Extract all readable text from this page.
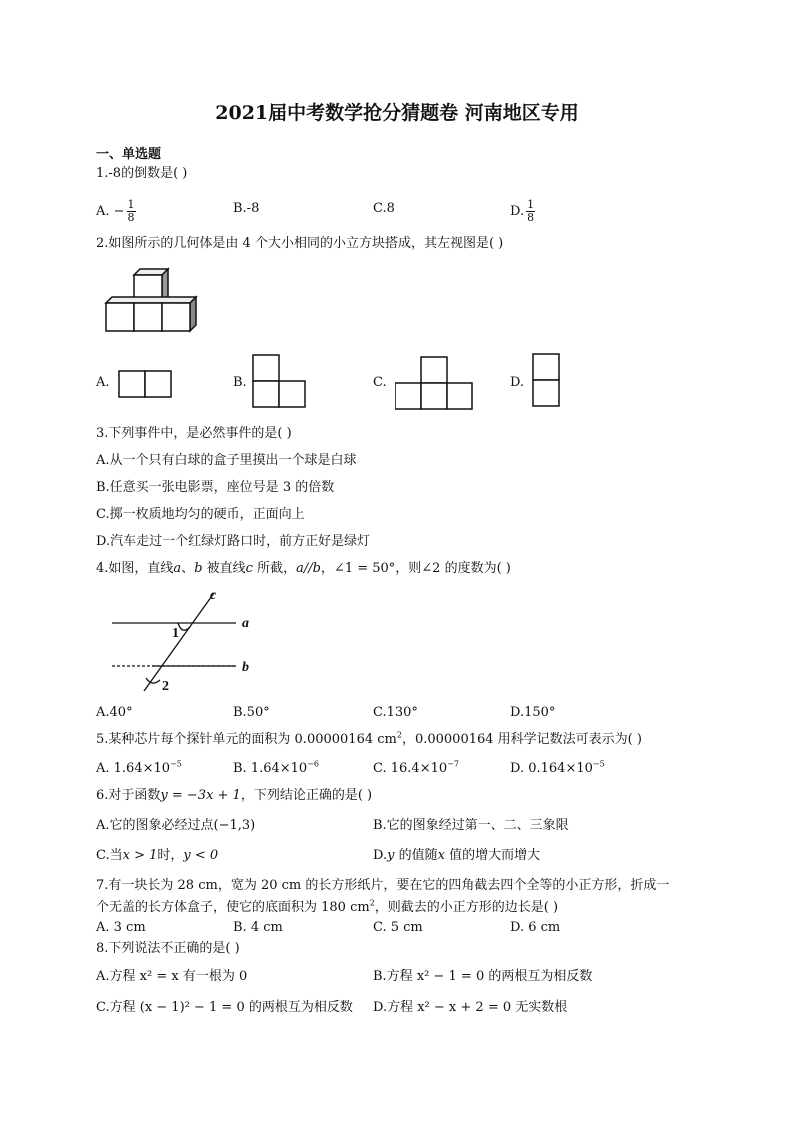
2021届中考数学抢分猜题卷 河南地区专用
一、单选题
1.-8的倒数是( )
A. − $\frac{1}{8}$	B.-8	C.8	D. $\frac{1}{8}$
2.如图所示的几何体是由 4 个大小相同的小立方块搭成，其左视图是( )
A.	B.	C.	D.
3.下列事件中，是必然事件的是( )
A.从一个只有白球的盒子里摸出一个球是白球
B.任意买一张电影票，座位号是 3 的倍数
C.掷一枚质地均匀的硬币，正面向上
D.汽车走过一个红绿灯路口时，前方正好是绿灯
4.如图，直线a、b 被直线c 所截，a//b，∠1 = 50°，则∠2 的度数为( )
c
a
b
1
2
A.40°	B.50°	C.130°	D.150°
5.某种芯片每个探针单元的面积为 0.00000164 $cm^2$，0.00000164 用科学记数法可表示为( )
A. $1.64\times 10^{-5}$	B. $1.64\times 10^{-6}$	C. $16.4\times 10^{-7}$	D. $0.164\times 10^{-5}$
6.对于函数y = −3x + 1，下列结论正确的是( )
A.它的图象必经过点(−1,3)	B.它的图象经过第一、二、三象限
C.当x > 1时，y < 0	D.y 的值随x 值的增大而增大
7.有一块长为 28 cm，宽为 20 cm 的长方形纸片，要在它的四角截去四个全等的小正方形，折成一
个无盖的长方体盒子，使它的底面积为 180 $cm^2$，则截去的小正方形的边长是( )
A. 3 cm	B. 4 cm	C. 5 cm	D. 6 cm
8.下列说法不正确的是( )
A.方程 x² = x 有一根为 0	B.方程 x² − 1 = 0 的两根互为相反数
C.方程 (x − 1)² − 1 = 0 的两根互为相反数 D.方程 x² − x + 2 = 0 无实数根
